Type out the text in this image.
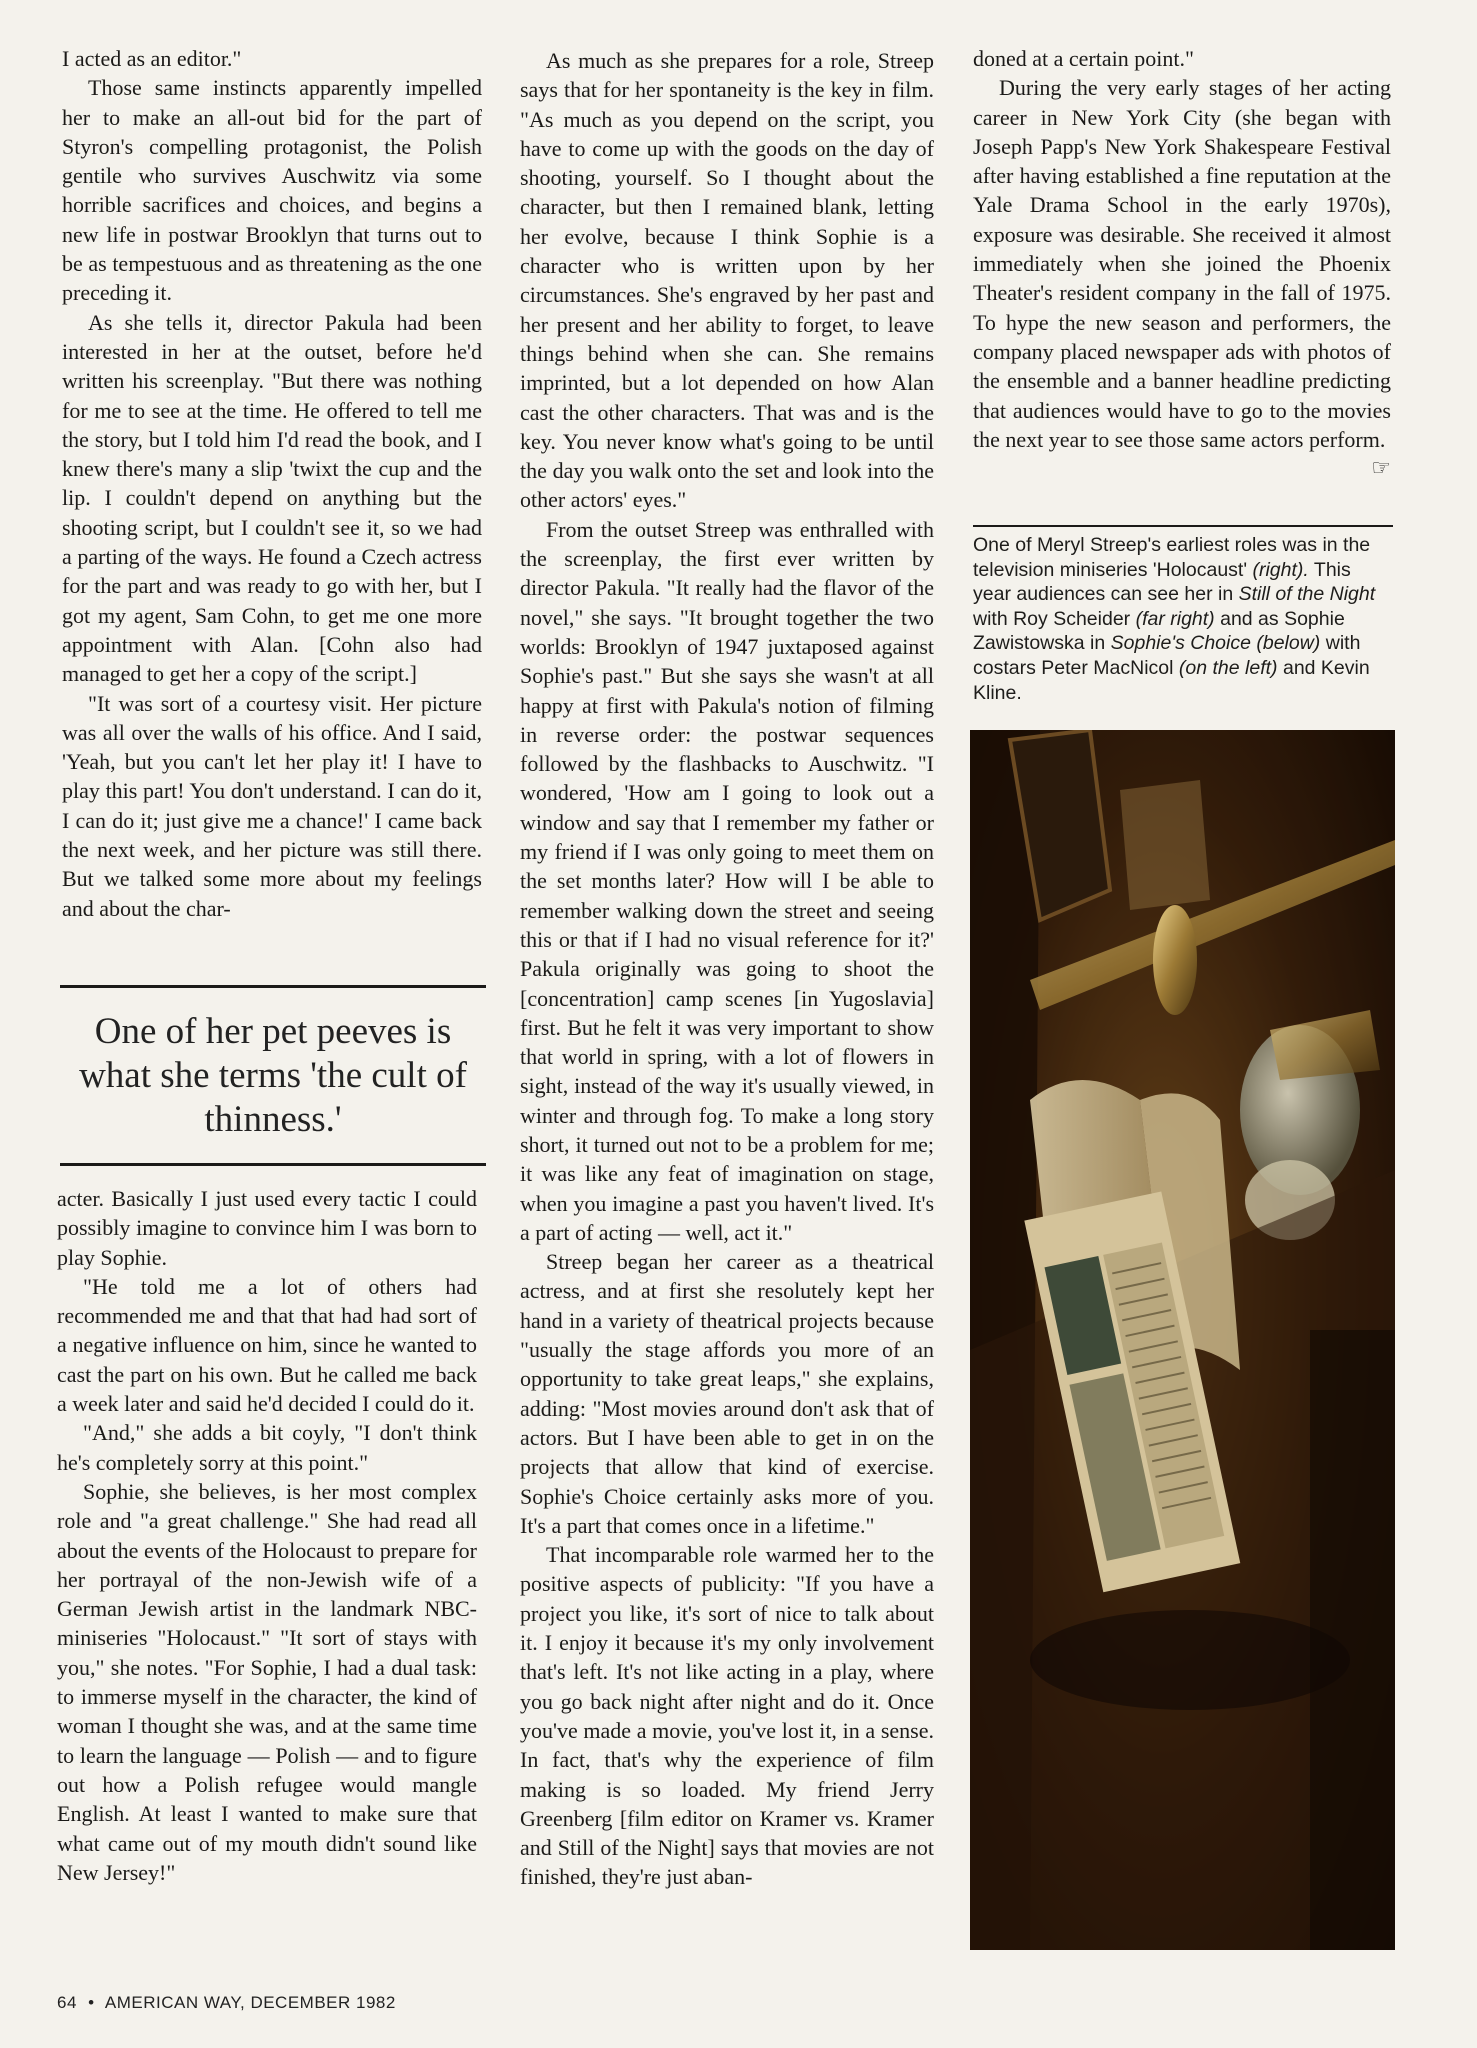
I acted as an editor."

Those same instincts apparently impelled her to make an all-out bid for the part of Styron's compelling protagonist, the Polish gentile who survives Auschwitz via some horrible sacrifices and choices, and begins a new life in postwar Brooklyn that turns out to be as tempestuous and as threatening as the one preceding it.

As she tells it, director Pakula had been interested in her at the outset, before he'd written his screenplay. "But there was nothing for me to see at the time. He offered to tell me the story, but I told him I'd read the book, and I knew there's many a slip 'twixt the cup and the lip. I couldn't depend on anything but the shooting script, but I couldn't see it, so we had a parting of the ways. He found a Czech actress for the part and was ready to go with her, but I got my agent, Sam Cohn, to get me one more appointment with Alan. [Cohn also had managed to get her a copy of the script.]

"It was sort of a courtesy visit. Her picture was all over the walls of his office. And I said, 'Yeah, but you can't let her play it! I have to play this part! You don't understand. I can do it, I can do it; just give me a chance!' I came back the next week, and her picture was still there. But we talked some more about my feelings and about the char-

One of her pet peeves is what she terms 'the cult of thinness.'

acter. Basically I just used every tactic I could possibly imagine to convince him I was born to play Sophie.

"He told me a lot of others had recommended me and that that had had sort of a negative influence on him, since he wanted to cast the part on his own. But he called me back a week later and said he'd decided I could do it.

"And," she adds a bit coyly, "I don't think he's completely sorry at this point."

Sophie, she believes, is her most complex role and "a great challenge." She had read all about the events of the Holocaust to prepare for her portrayal of the non-Jewish wife of a German Jewish artist in the landmark NBC-miniseries "Holocaust." "It sort of stays with you," she notes. "For Sophie, I had a dual task: to immerse myself in the character, the kind of woman I thought she was, and at the same time to learn the language — Polish — and to figure out how a Polish refugee would mangle English. At least I wanted to make sure that what came out of my mouth didn't sound like New Jersey!"

As much as she prepares for a role, Streep says that for her spontaneity is the key in film. "As much as you depend on the script, you have to come up with the goods on the day of shooting, yourself. So I thought about the character, but then I remained blank, letting her evolve, because I think Sophie is a character who is written upon by her circumstances. She's engraved by her past and her present and her ability to forget, to leave things behind when she can. She remains imprinted, but a lot depended on how Alan cast the other characters. That was and is the key. You never know what's going to be until the day you walk onto the set and look into the other actors' eyes."

From the outset Streep was enthralled with the screenplay, the first ever written by director Pakula. "It really had the flavor of the novel," she says. "It brought together the two worlds: Brooklyn of 1947 juxtaposed against Sophie's past." But she says she wasn't at all happy at first with Pakula's notion of filming in reverse order: the postwar sequences followed by the flashbacks to Auschwitz. "I wondered, 'How am I going to look out a window and say that I remember my father or my friend if I was only going to meet them on the set months later? How will I be able to remember walking down the street and seeing this or that if I had no visual reference for it?' Pakula originally was going to shoot the [concentration] camp scenes [in Yugoslavia] first. But he felt it was very important to show that world in spring, with a lot of flowers in sight, instead of the way it's usually viewed, in winter and through fog. To make a long story short, it turned out not to be a problem for me; it was like any feat of imagination on stage, when you imagine a past you haven't lived. It's a part of acting — well, act it."

Streep began her career as a theatrical actress, and at first she resolutely kept her hand in a variety of theatrical projects because "usually the stage affords you more of an opportunity to take great leaps," she explains, adding: "Most movies around don't ask that of actors. But I have been able to get in on the projects that allow that kind of exercise. Sophie's Choice certainly asks more of you. It's a part that comes once in a lifetime."

That incomparable role warmed her to the positive aspects of publicity: "If you have a project you like, it's sort of nice to talk about it. I enjoy it because it's my only involvement that's left. It's not like acting in a play, where you go back night after night and do it. Once you've made a movie, you've lost it, in a sense. In fact, that's why the experience of film making is so loaded. My friend Jerry Greenberg [film editor on Kramer vs. Kramer and Still of the Night] says that movies are not finished, they're just aban-

doned at a certain point."

During the very early stages of her acting career in New York City (she began with Joseph Papp's New York Shakespeare Festival after having established a fine reputation at the Yale Drama School in the early 1970s), exposure was desirable. She received it almost immediately when she joined the Phoenix Theater's resident company in the fall of 1975. To hype the new season and performers, the company placed newspaper ads with photos of the ensemble and a banner headline predicting that audiences would have to go to the movies the next year to see those same actors perform.
☞

One of Meryl Streep's earliest roles was in the television miniseries 'Holocaust' (right). This year audiences can see her in Still of the Night with Roy Scheider (far right) and as Sophie Zawistowska in Sophie's Choice (below) with costars Peter MacNicol (on the left) and Kevin Kline.
64 • AMERICAN WAY, DECEMBER 1982
